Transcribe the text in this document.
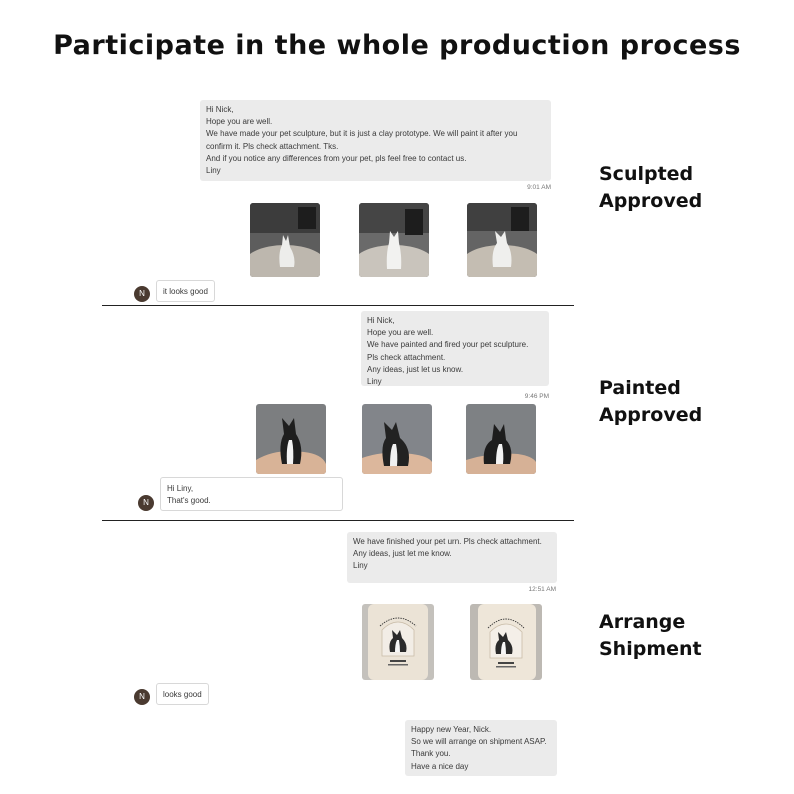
Participate in the whole production process
Hi Nick,
Hope you are well.
We have made your pet sculpture, but it is just a clay prototype. We will paint it after you confirm it. Pls check attachment. Tks.
And if you notice any differences from your pet, pls feel free to contact us.
Liny
9:01 AM
N	it looks good
Sculpted
Approved
Hi Nick,
Hope you are well.
We have painted and fired your pet sculpture.
Pls check attachment.
Any ideas, just let us know.
Liny
9:46 PM
N
Hi Liny,
That's good.
Painted
Approved
We have finished your pet urn. Pls check attachment.
Any ideas, just let me know.
Liny
12:51 AM
N	looks good
Happy new Year, Nick.
So we will arrange on shipment ASAP.
Thank you.
Have a nice day
Arrange
Shipment
